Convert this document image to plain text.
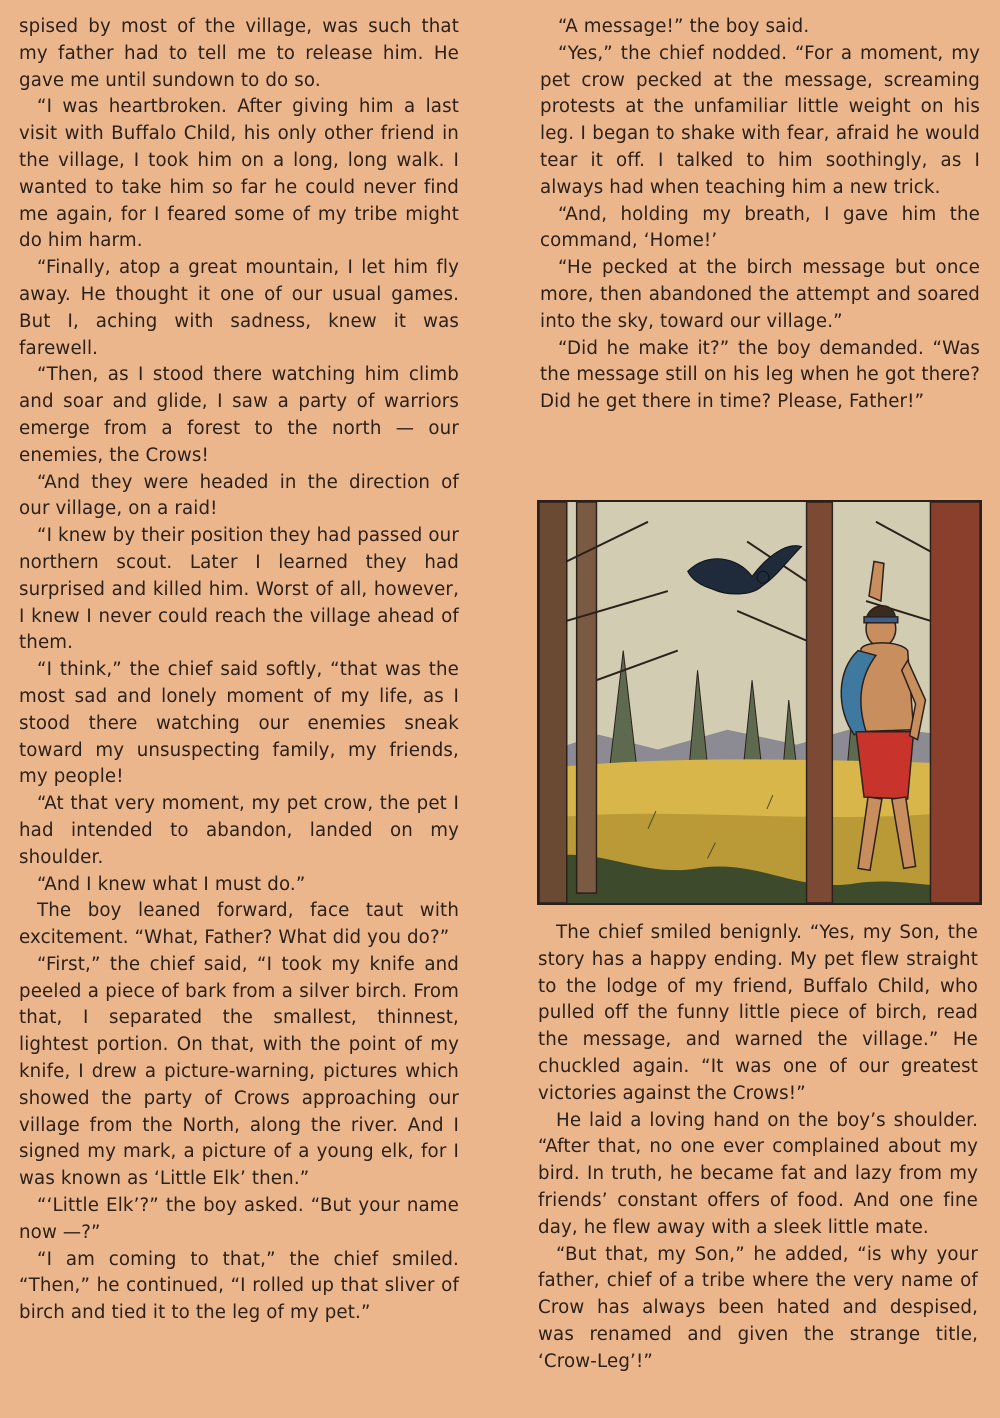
spised by most of the village, was such that my father had to tell me to release him. He gave me until sundown to do so.

“I was heartbroken. After giving him a last visit with Buffalo Child, his only other friend in the village, I took him on a long, long walk. I wanted to take him so far he could never find me again, for I feared some of my tribe might do him harm.

“Finally, atop a great mountain, I let him fly away. He thought it one of our usual games. But I, aching with sadness, knew it was farewell.

“Then, as I stood there watching him climb and soar and glide, I saw a party of warriors emerge from a forest to the north — our enemies, the Crows!

“And they were headed in the direction of our village, on a raid!

“I knew by their position they had passed our northern scout. Later I learned they had surprised and killed him. Worst of all, however, I knew I never could reach the village ahead of them.

“I think,” the chief said softly, “that was the most sad and lonely moment of my life, as I stood there watching our enemies sneak toward my unsuspecting family, my friends, my people!

“At that very moment, my pet crow, the pet I had intended to abandon, landed on my shoulder.

“And I knew what I must do.”

The boy leaned forward, face taut with excitement. “What, Father? What did you do?”

“First,” the chief said, “I took my knife and peeled a piece of bark from a silver birch. From that, I separated the smallest, thinnest, lightest portion. On that, with the point of my knife, I drew a picture-warning, pictures which showed the party of Crows approaching our village from the North, along the river. And I signed my mark, a picture of a young elk, for I was known as ‘Little Elk’ then.”

“‘Little Elk’?” the boy asked. “But your name now —?”

“I am coming to that,” the chief smiled. “Then,” he continued, “I rolled up that sliver of birch and tied it to the leg of my pet.”

“A message!” the boy said.

“Yes,” the chief nodded. “For a moment, my pet crow pecked at the message, screaming protests at the unfamiliar little weight on his leg. I began to shake with fear, afraid he would tear it off. I talked to him soothingly, as I always had when teaching him a new trick.

“And, holding my breath, I gave him the command, ‘Home!’

“He pecked at the birch message but once more, then abandoned the attempt and soared into the sky, toward our village.”

“Did he make it?” the boy demanded. “Was the message still on his leg when he got there? Did he get there in time? Please, Father!”

The chief smiled benignly. “Yes, my Son, the story has a happy ending. My pet flew straight to the lodge of my friend, Buffalo Child, who pulled off the funny little piece of birch, read the message, and warned the village.” He chuckled again. “It was one of our greatest victories against the Crows!”

He laid a loving hand on the boy’s shoulder. “After that, no one ever complained about my bird. In truth, he became fat and lazy from my friends’ constant offers of food. And one fine day, he flew away with a sleek little mate.

“But that, my Son,” he added, “is why your father, chief of a tribe where the very name of Crow has always been hated and despised, was renamed and given the strange title, ‘Crow-Leg’!”
